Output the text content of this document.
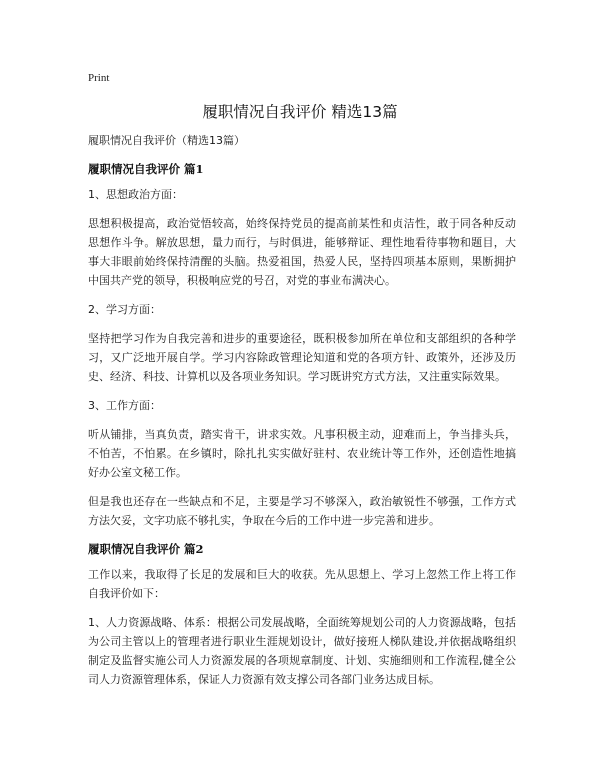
Print
履职情况自我评价 精选13篇

履职情况自我评价（精选13篇）

履职情况自我评价 篇1

1、思想政治方面：

思想积极提高，政治觉悟较高，始终保持党员的提高前某性和贞洁性，敢于同各种反动思想作斗争。解放思想，量力而行，与时俱进，能够辩证、理性地看待事物和题目，大事大非眼前始终保持清醒的头脑。热爱祖国，热爱人民，坚持四项基本原则，果断拥护中国共产党的领导，积极响应党的号召，对党的事业布满决心。

2、学习方面：

坚持把学习作为自我完善和进步的重要途径，既积极参加所在单位和支部组织的各种学习，又广泛地开展自学。学习内容除政管理论知道和党的各项方针、政策外，还涉及历史、经济、科技、计算机以及各项业务知识。学习既讲究方式方法，又注重实际效果。

3、工作方面：

听从铺排，当真负责，踏实肯干，讲求实效。凡事积极主动，迎难而上，争当排头兵，不怕苦，不怕累。在乡镇时，除扎扎实实做好驻村、农业统计等工作外，还创造性地搞好办公室文秘工作。

但是我也还存在一些缺点和不足，主要是学习不够深入，政治敏锐性不够强，工作方式方法欠妥，文字功底不够扎实，争取在今后的工作中进一步完善和进步。

履职情况自我评价 篇2

工作以来，我取得了长足的发展和巨大的收获。先从思想上、学习上忽然工作上将工作自我评价如下：

1、人力资源战略、体系：根据公司发展战略，全面统筹规划公司的人力资源战略，包括为公司主管以上的管理者进行职业生涯规划设计，做好接班人梯队建设,并依据战略组织制定及监督实施公司人力资源发展的各项规章制度、计划、实施细则和工作流程,健全公司人力资源管理体系，保证人力资源有效支撑公司各部门业务达成目标。
